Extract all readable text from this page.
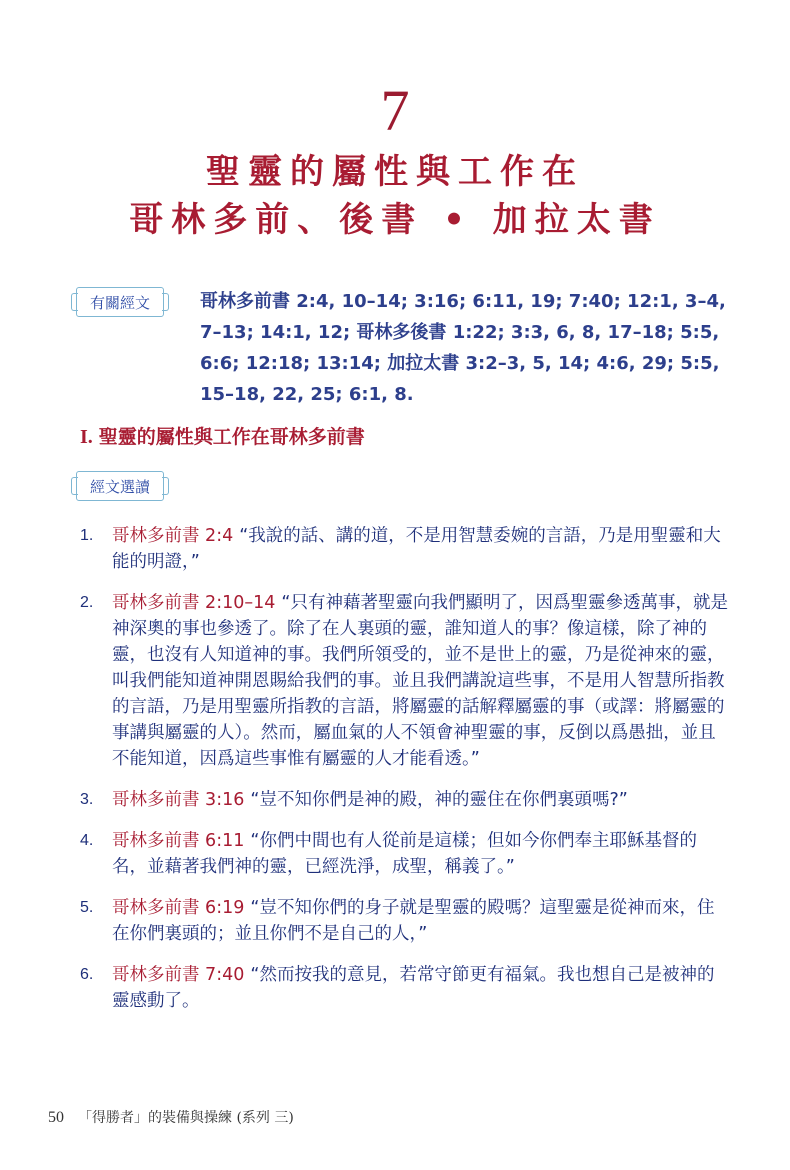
7
聖靈的屬性與工作在
哥林多前、後書 • 加拉太書
有關經文	哥林多前書 2:4, 10–14; 3:16; 6:11, 19; 7:40; 12:1, 3–4, 7–13; 14:1, 12; 哥林多後書 1:22; 3:3, 6, 8, 17–18; 5:5, 6:6; 12:18; 13:14; 加拉太書 3:2–3, 5, 14; 4:6, 29; 5:5, 15–18, 22, 25; 6:1, 8.
I. 聖靈的屬性與工作在哥林多前書
經文選讀
1. 哥林多前書 2:4 “我說的話、講的道，不是用智慧委婉的言語，乃是用聖靈和大能的明證，”
2. 哥林多前書 2:10–14 “只有神藉著聖靈向我們顯明了，因爲聖靈參透萬事，就是神深奧的事也參透了。除了在人裏頭的靈，誰知道人的事？像這樣，除了神的靈，也沒有人知道神的事。我們所領受的，並不是世上的靈，乃是從神來的靈，叫我們能知道神開恩賜給我們的事。並且我們講說這些事，不是用人智慧所指教的言語，乃是用聖靈所指教的言語，將屬靈的話解釋屬靈的事（或譯：將屬靈的事講與屬靈的人）。然而，屬血氣的人不領會神聖靈的事，反倒以爲愚拙，並且不能知道，因爲這些事惟有屬靈的人才能看透。”
3. 哥林多前書 3:16 “豈不知你們是神的殿，神的靈住在你們裏頭嗎?”
4. 哥林多前書 6:11 “你們中間也有人從前是這樣；但如今你們奉主耶穌基督的名，並藉著我們神的靈，已經洗淨，成聖，稱義了。”
5. 哥林多前書 6:19 “豈不知你們的身子就是聖靈的殿嗎？這聖靈是從神而來，住在你們裏頭的；並且你們不是自己的人，”
6. 哥林多前書 7:40 “然而按我的意見，若常守節更有福氣。我也想自己是被神的靈感動了。
50 「得勝者」的裝備與操練 (系列 三)
